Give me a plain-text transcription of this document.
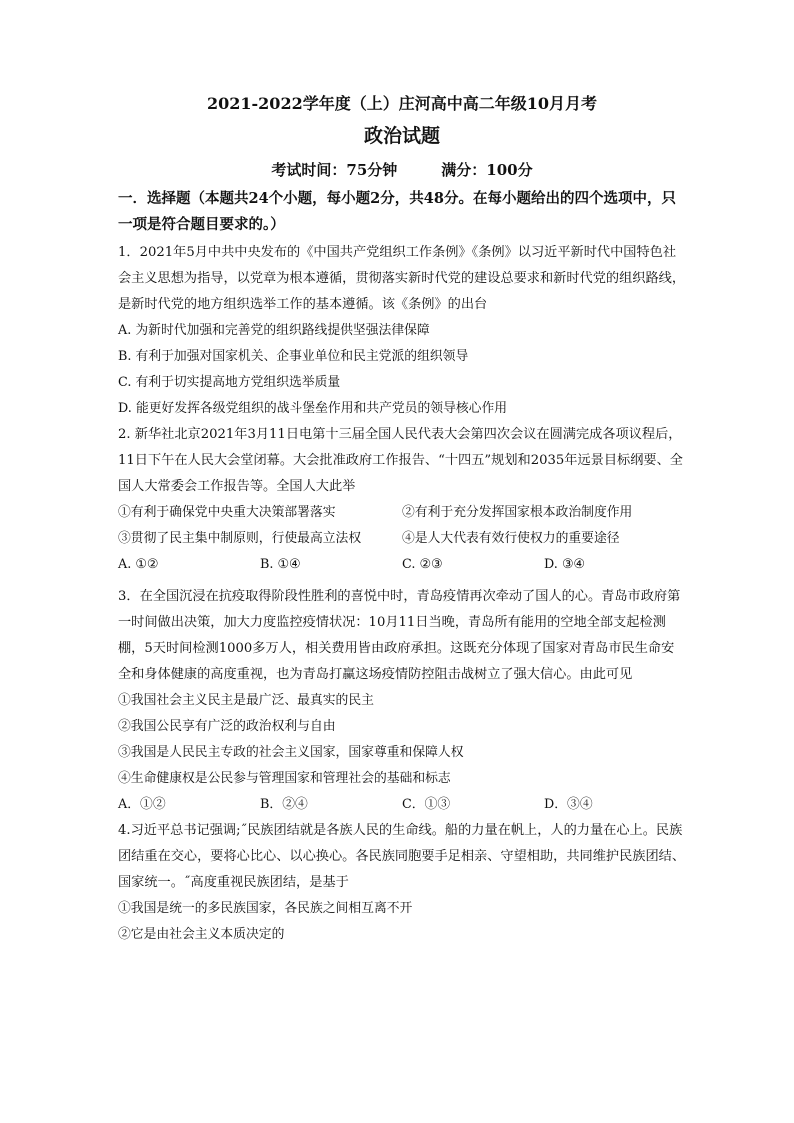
2021-2022学年度（上）庄河高中高二年级10月月考
政治试题
考试时间：75分钟	满分：100分
一．选择题（本题共24个小题，每小题2分，共48分。在每小题给出的四个选项中，只一项是符合题目要求的。）

1．2021年5月中共中央发布的《中国共产党组织工作条例》《条例》以习近平新时代中国特色社会主义思想为指导，以党章为根本遵循，贯彻落实新时代党的建设总要求和新时代党的组织路线，是新时代党的地方组织选举工作的基本遵循。该《条例》的出台

A. 为新时代加强和完善党的组织路线提供坚强法律保障

B. 有利于加强对国家机关、企事业单位和民主党派的组织领导

C. 有利于切实提高地方党组织选举质量

D. 能更好发挥各级党组织的战斗堡垒作用和共产党员的领导核心作用

2. 新华社北京2021年3月11日电第十三届全国人民代表大会第四次会议在圆满完成各项议程后，11日下午在人民大会堂闭幕。大会批准政府工作报告、“十四五”规划和2035年远景目标纲要、全国人大常委会工作报告等。全国人大此举

①有利于确保党中央重大决策部署落实	②有利于充分发挥国家根本政治制度作用
③贯彻了民主集中制原则，行使最高立法权	④是人大代表有效行使权力的重要途径
A. ①②	B. ①④	C. ②③	D. ③④

3．在全国沉浸在抗疫取得阶段性胜利的喜悦中时，青岛疫情再次牵动了国人的心。青岛市政府第一时间做出决策，加大力度监控疫情状况：10月11日当晚，青岛所有能用的空地全部支起检测棚，5天时间检测1000多万人，相关费用皆由政府承担。这既充分体现了国家对青岛市民生命安全和身体健康的高度重视，也为青岛打赢这场疫情防控阻击战树立了强大信心。由此可见

①我国社会主义民主是最广泛、最真实的民主

②我国公民享有广泛的政治权利与自由

③我国是人民民主专政的社会主义国家，国家尊重和保障人权

④生命健康权是公民参与管理国家和管理社会的基础和标志

A．①②	B．②④	C．①③	D．③④

4.习近平总书记强调;˝民族团结就是各族人民的生命线。船的力量在帆上，人的力量在心上。民族团结重在交心，要将心比心、以心换心。各民族同胞要手足相亲、守望相助，共同维护民族团结、国家统一。˝高度重视民族团结，是基于

①我国是统一的多民族国家，各民族之间相互离不开

②它是由社会主义本质决定的
